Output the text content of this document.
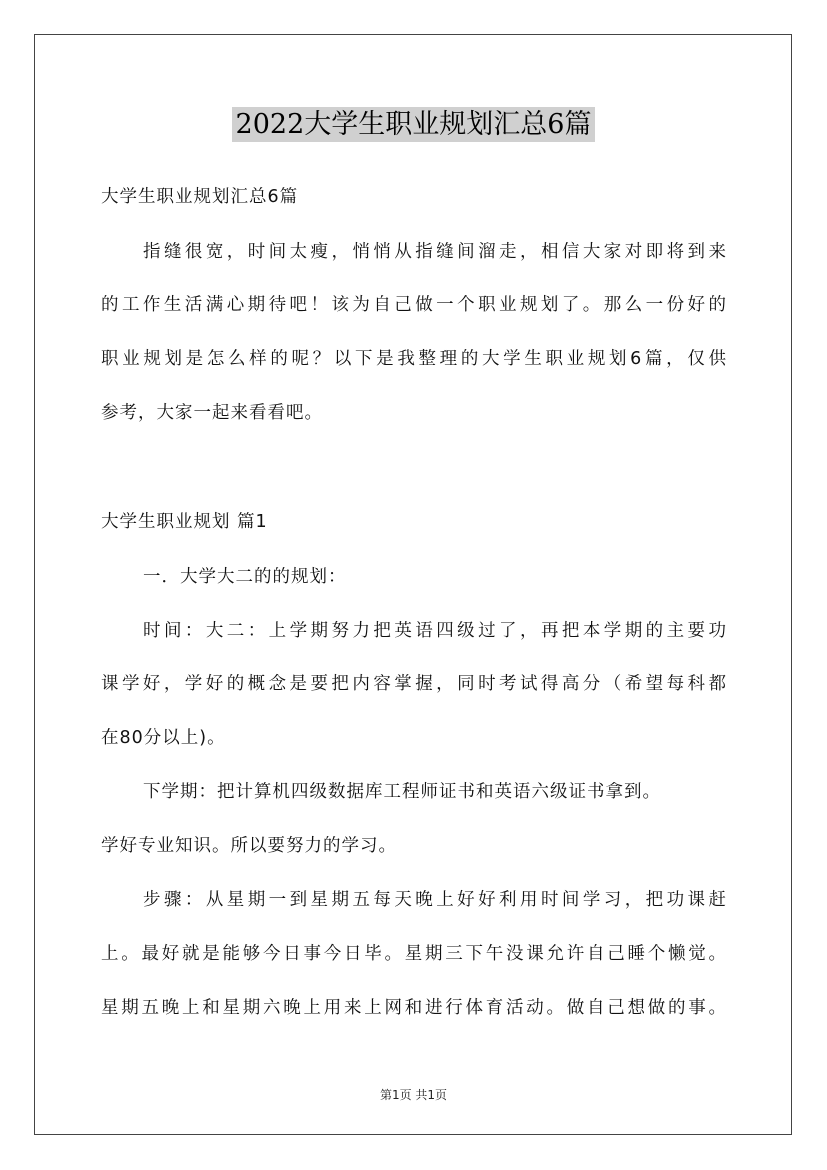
2022大学生职业规划汇总6篇
大学生职业规划汇总6篇
指缝很宽，时间太瘦，悄悄从指缝间溜走，相信大家对即将到来
的工作生活满心期待吧！该为自己做一个职业规划了。那么一份好的
职业规划是怎么样的呢？以下是我整理的大学生职业规划6篇，仅供
参考，大家一起来看看吧。
大学生职业规划 篇1
一．大学大二的的规划：
时间：大二：上学期努力把英语四级过了，再把本学期的主要功
课学好，学好的概念是要把内容掌握，同时考试得高分（希望每科都
在80分以上)。
下学期：把计算机四级数据库工程师证书和英语六级证书拿到。
学好专业知识。所以要努力的学习。
步骤：从星期一到星期五每天晚上好好利用时间学习，把功课赶
上。最好就是能够今日事今日毕。星期三下午没课允许自己睡个懒觉。
星期五晚上和星期六晚上用来上网和进行体育活动。做自己想做的事。
第1页 共1页
